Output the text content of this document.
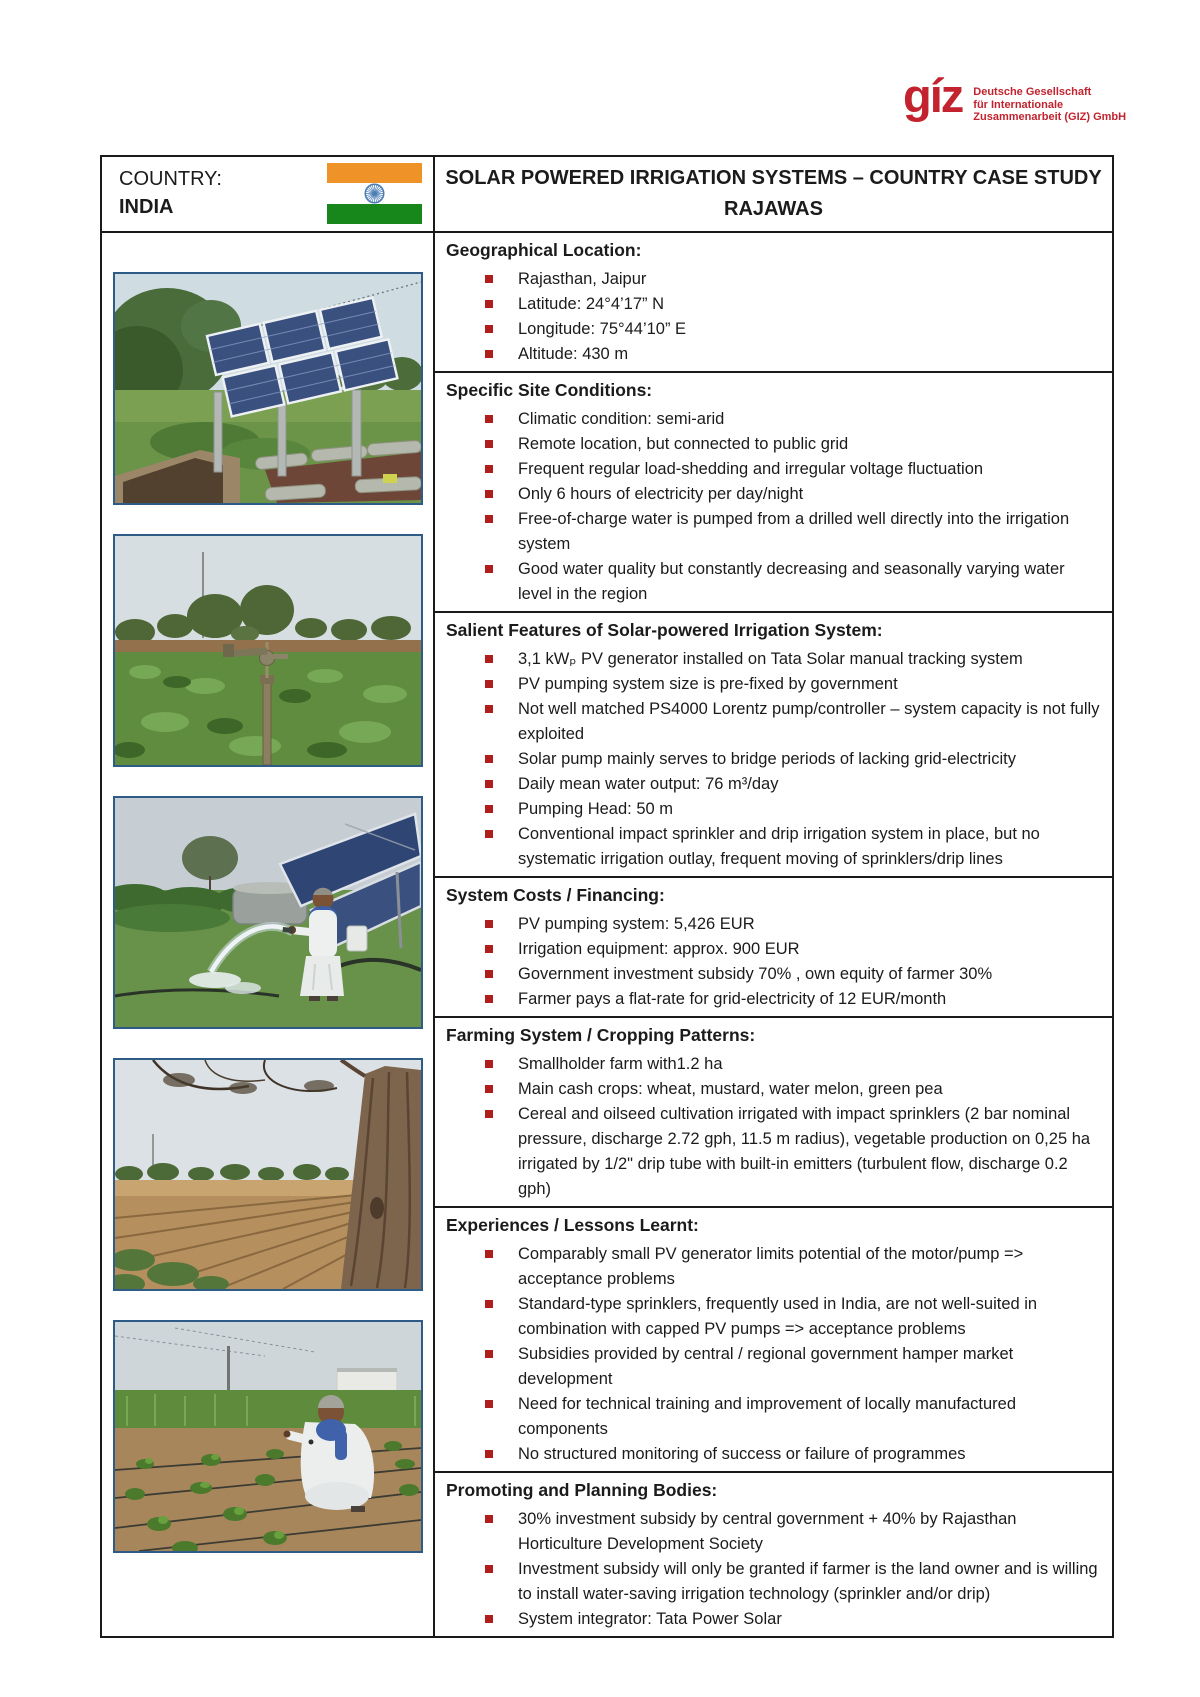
gíz Deutsche Gesellschaft
für Internationale
Zusammenarbeit (GIZ) GmbH
COUNTRY:
INDIA
SOLAR POWERED IRRIGATION SYSTEMS – COUNTRY CASE STUDY
RAJAWAS
Geographical Location:
Rajasthan, Jaipur
Latitude: 24°4’17” N
Longitude: 75°44’10” E
Altitude: 430 m
Specific Site Conditions:
Climatic condition: semi-arid
Remote location, but connected to public grid
Frequent regular load-shedding and irregular voltage fluctuation
Only 6 hours of electricity per day/night
Free-of-charge water is pumped from a drilled well directly into the irrigation system
Good water quality but constantly decreasing and seasonally varying water level in the region
Salient Features of Solar-powered Irrigation System:
3,1 kWₚ PV generator installed on Tata Solar manual tracking system
PV pumping system size is pre-fixed by government
Not well matched PS4000 Lorentz pump/controller – system capacity is not fully exploited
Solar pump mainly serves to bridge periods of lacking grid-electricity
Daily mean water output: 76 m³/day
Pumping Head: 50 m
Conventional impact sprinkler and drip irrigation system in place, but no systematic irrigation outlay, frequent moving of sprinklers/drip lines
System Costs / Financing:
PV pumping system: 5,426 EUR
Irrigation equipment: approx. 900 EUR
Government investment subsidy 70% , own equity of farmer 30%
Farmer pays a flat-rate for grid-electricity of 12 EUR/month
Farming System / Cropping Patterns:
Smallholder farm with1.2 ha
Main cash crops: wheat, mustard, water melon, green pea
Cereal and oilseed cultivation irrigated with impact sprinklers (2 bar nominal pressure, discharge 2.72 gph, 11.5 m radius), vegetable production on 0,25 ha irrigated by 1/2" drip tube with built-in emitters (turbulent flow, discharge 0.2 gph)
Experiences / Lessons Learnt:
Comparably small PV generator limits potential of the motor/pump => acceptance problems
Standard-type sprinklers, frequently used in India, are not well-suited in combination with capped PV pumps => acceptance problems
Subsidies provided by central / regional government hamper market development
Need for technical training and improvement of locally manufactured components
No structured monitoring of success or failure of programmes
Promoting and Planning Bodies:
30% investment subsidy by central government + 40% by Rajasthan Horticulture Development Society
Investment subsidy will only be granted if farmer is the land owner and is willing to install water-saving irrigation technology (sprinkler and/or drip)
System integrator: Tata Power Solar
